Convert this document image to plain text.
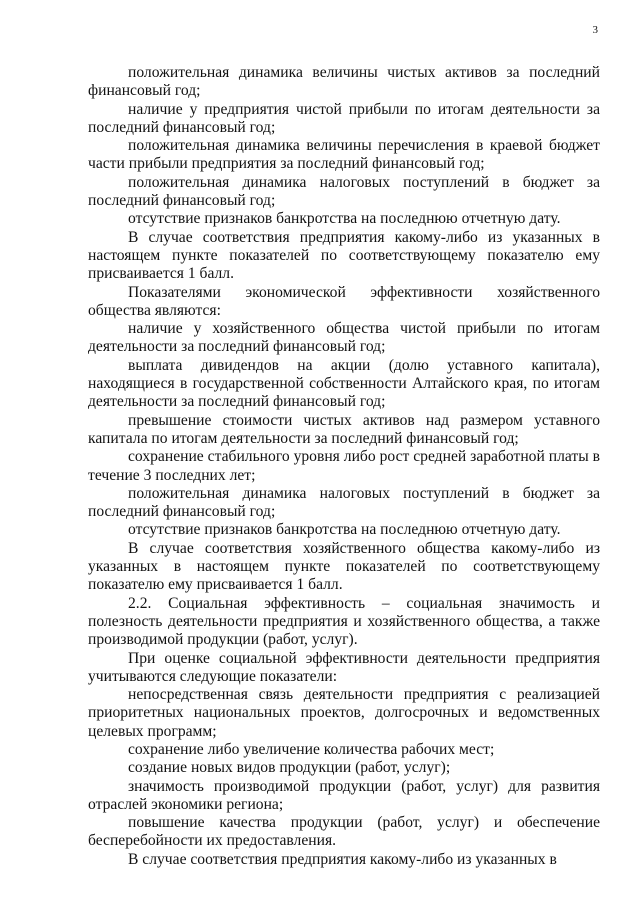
3

положительная динамика величины чистых активов за последний финансовый год;

наличие у предприятия чистой прибыли по итогам деятельности за последний финансовый год;

положительная динамика величины перечисления в краевой бюджет части прибыли предприятия за последний финансовый год;

положительная динамика налоговых поступлений в бюджет за последний финансовый год;

отсутствие признаков банкротства на последнюю отчетную дату.

В случае соответствия предприятия какому-либо из указанных в настоящем пункте показателей по соответствующему показателю ему присваивается 1 балл.

Показателями экономической эффективности хозяйственного общества являются:

наличие у хозяйственного общества чистой прибыли по итогам деятельности за последний финансовый год;

выплата дивидендов на акции (долю уставного капитала), находящиеся в государственной собственности Алтайского края, по итогам деятельности за последний финансовый год;

превышение стоимости чистых активов над размером уставного капитала по итогам деятельности за последний финансовый год;

сохранение стабильного уровня либо рост средней заработной платы в течение 3 последних лет;

положительная динамика налоговых поступлений в бюджет за последний финансовый год;

отсутствие признаков банкротства на последнюю отчетную дату.

В случае соответствия хозяйственного общества какому-либо из указанных в настоящем пункте показателей по соответствующему показателю ему присваивается 1 балл.

2.2. Социальная эффективность – социальная значимость и полезность деятельности предприятия и хозяйственного общества, а также производимой продукции (работ, услуг).

При оценке социальной эффективности деятельности предприятия учитываются следующие показатели:

непосредственная связь деятельности предприятия с реализацией приоритетных национальных проектов, долгосрочных и ведомственных целевых программ;

сохранение либо увеличение количества рабочих мест;

создание новых видов продукции (работ, услуг);

значимость производимой продукции (работ, услуг) для развития отраслей экономики региона;

повышение качества продукции (работ, услуг) и обеспечение бесперебойности их предоставления.

В случае соответствия предприятия какому-либо из указанных в
